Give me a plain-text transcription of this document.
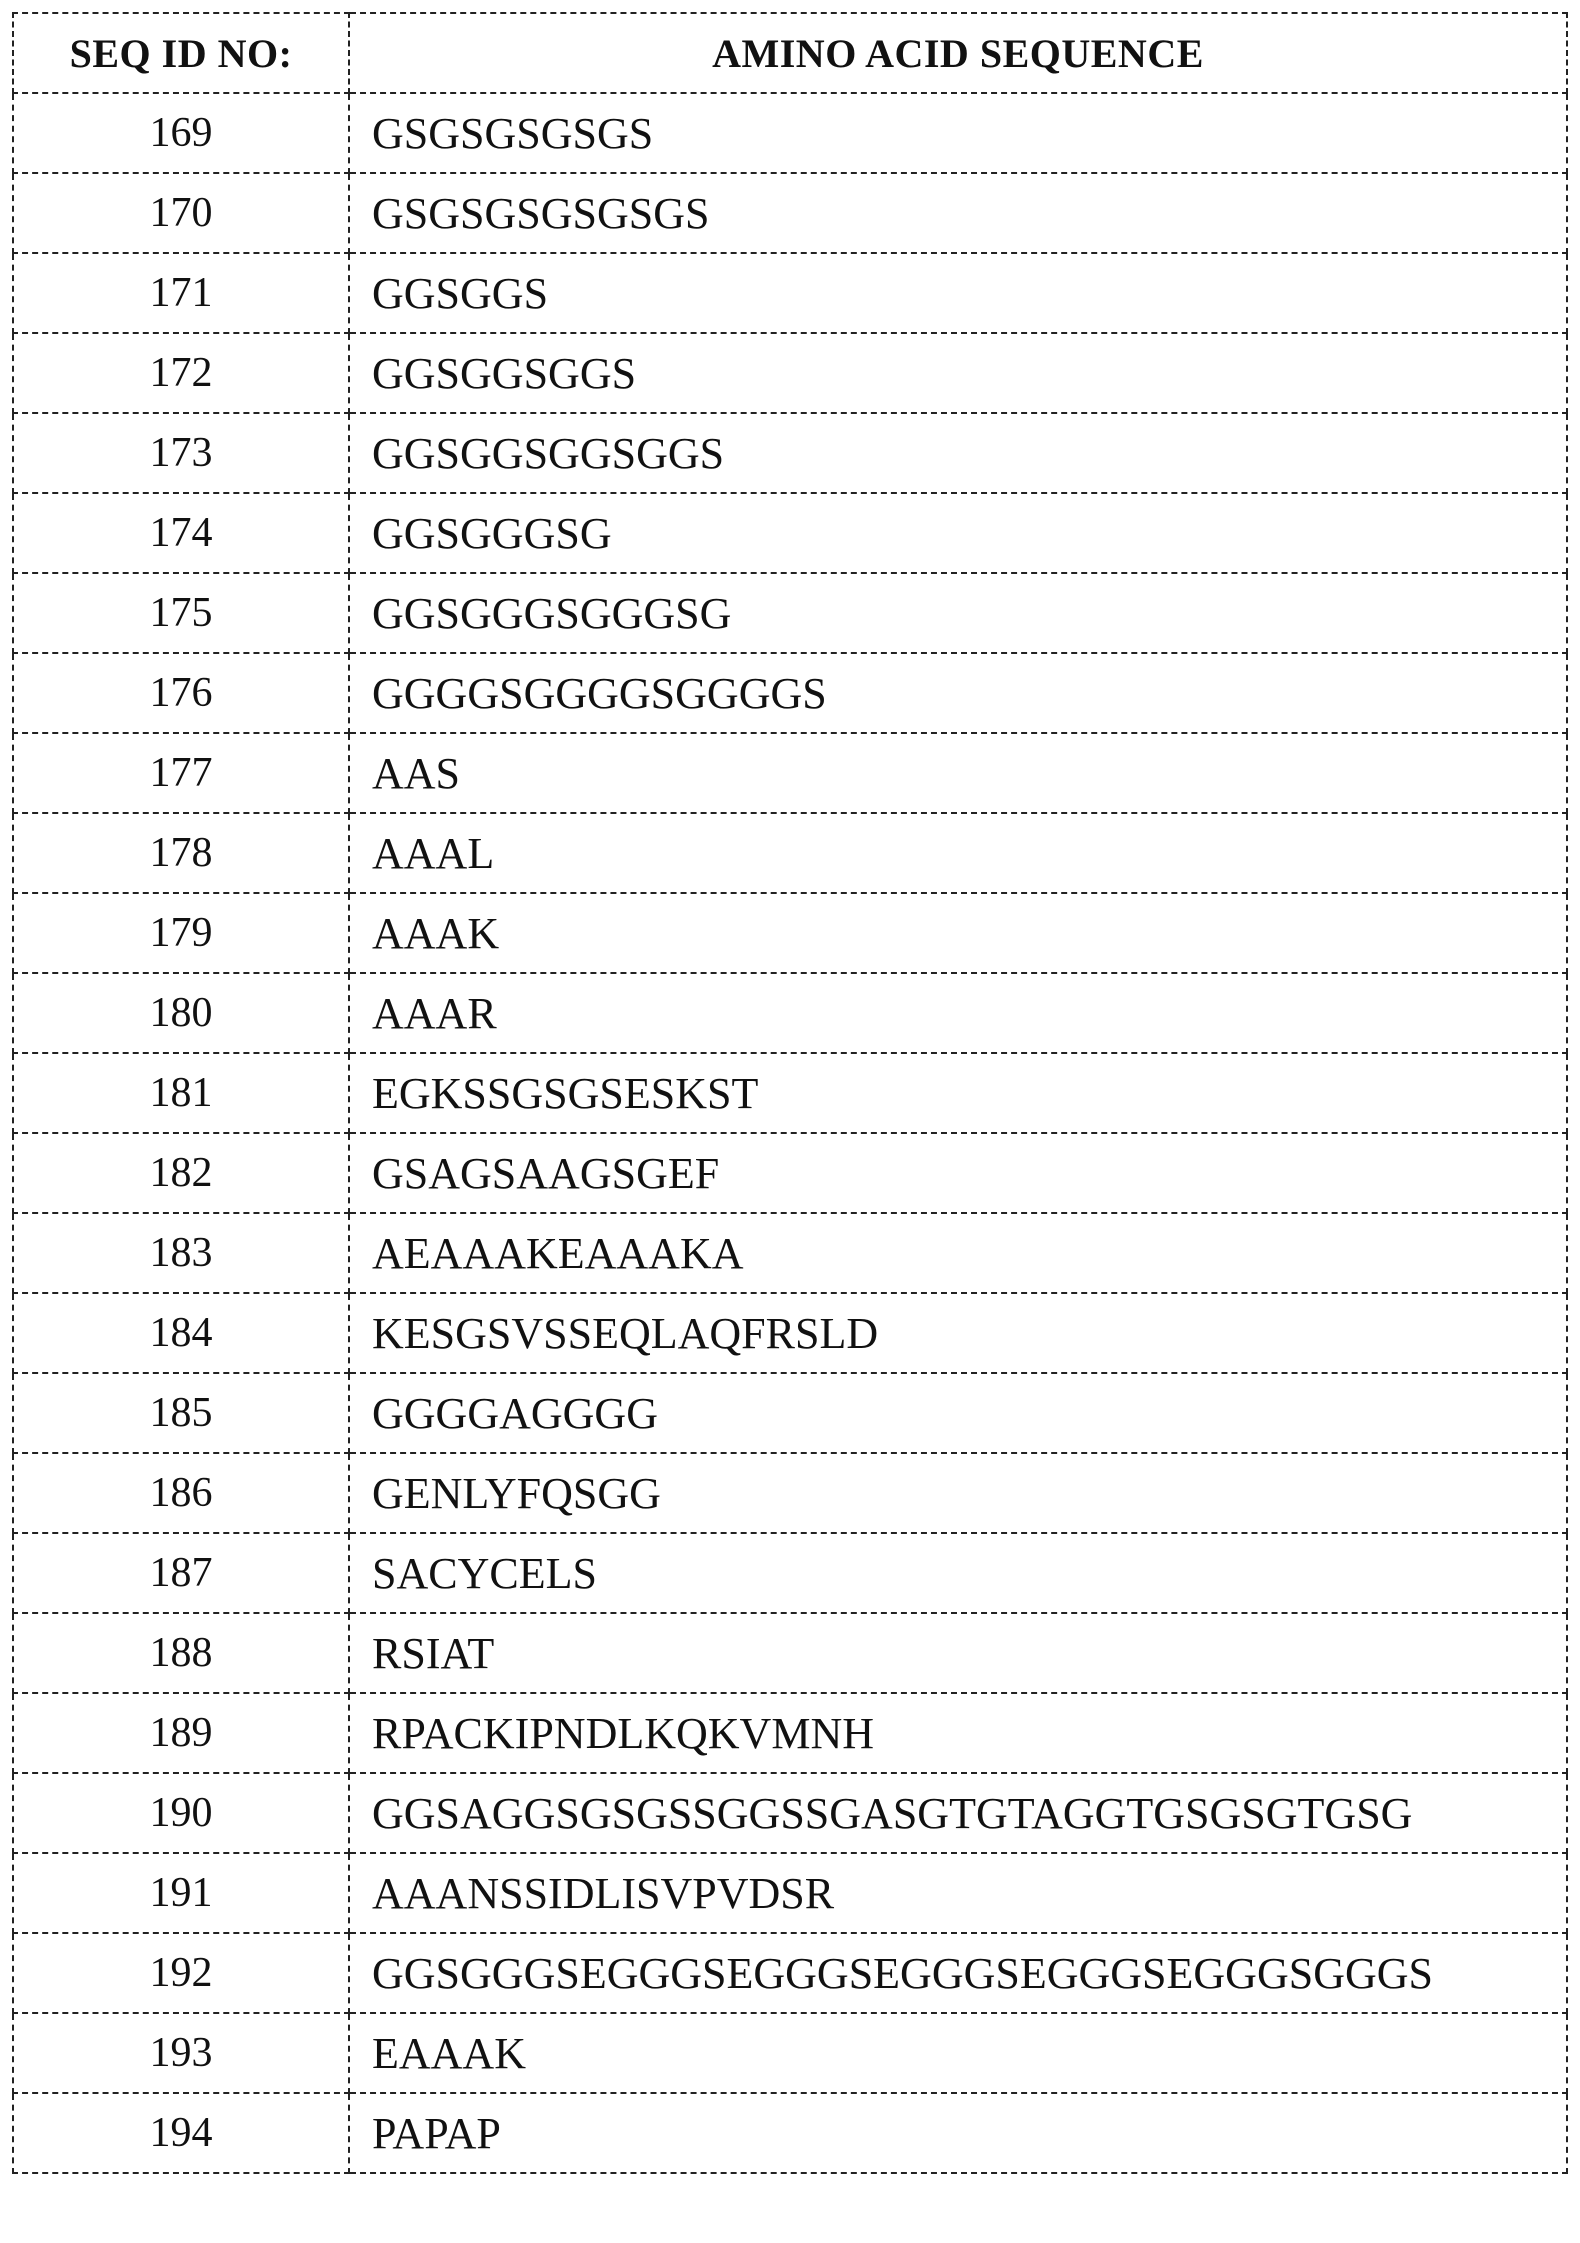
SEQ ID NO:	AMINO ACID SEQUENCE
169	GSGSGSGSGS
170	GSGSGSGSGSGS
171	GGSGGS
172	GGSGGSGGS
173	GGSGGSGGSGGS
174	GGSGGGSG
175	GGSGGGSGGGSG
176	GGGGSGGGGSGGGGS
177	AAS
178	AAAL
179	AAAK
180	AAAR
181	EGKSSGSGSESKST
182	GSAGSAAGSGEF
183	AEAAAKEAAAKA
184	KESGSVSSEQLAQFRSLD
185	GGGGAGGGG
186	GENLYFQSGG
187	SACYCELS
188	RSIAT
189	RPACKIPNDLKQKVMNH
190	GGSAGGSGSGSSGGSSGASGTGTAGGTGSGSGTGSG
191	AAANSSIDLISVPVDSR
192	GGSGGGSEGGGSEGGGSEGGGSEGGGSEGGGSGGGS
193	EAAAK
194	PAPAP
